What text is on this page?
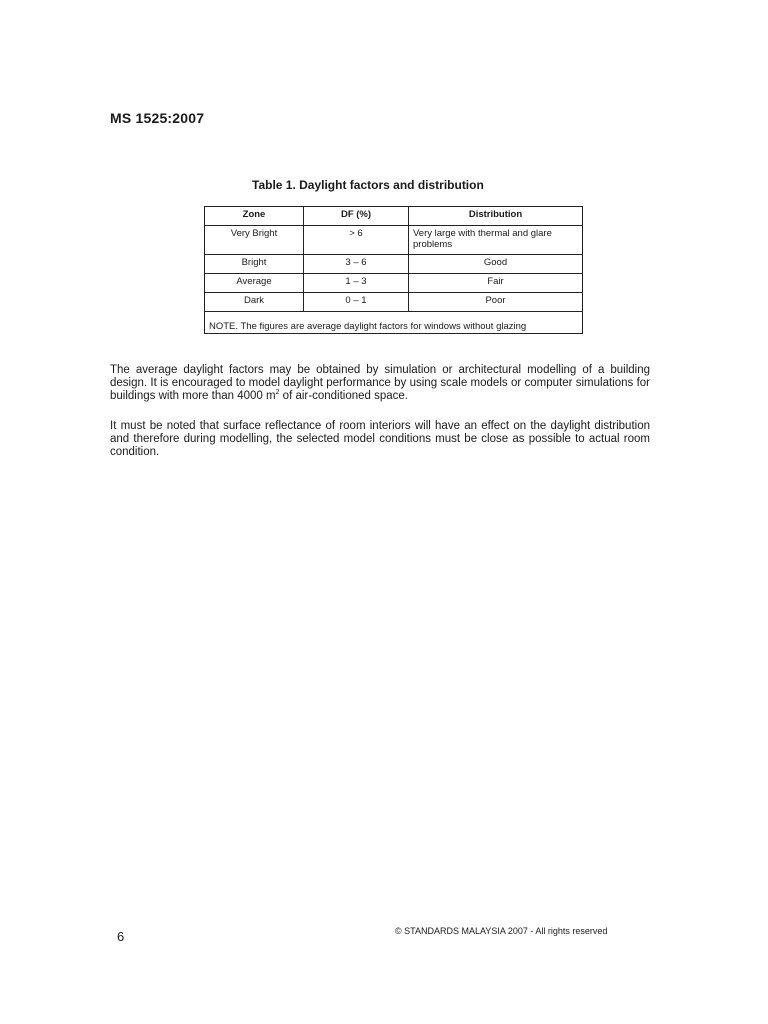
MS 1525:2007
Table 1. Daylight factors and distribution
Zone	DF (%)	Distribution
Very Bright	> 6	Very large with thermal and glare problems
Bright	3 – 6	Good
Average	1 – 3	Fair
Dark	0 – 1	Poor
NOTE. The figures are average daylight factors for windows without glazing		

The average daylight factors may be obtained by simulation or architectural modelling of a building design. It is encouraged to model daylight performance by using scale models or computer simulations for buildings with more than 4000 $m^2$ of air-conditioned space.

It must be noted that surface reflectance of room interiors will have an effect on the daylight distribution and therefore during modelling, the selected model conditions must be close as possible to actual room condition.

6	© STANDARDS MALAYSIA 2007 - All rights reserved
